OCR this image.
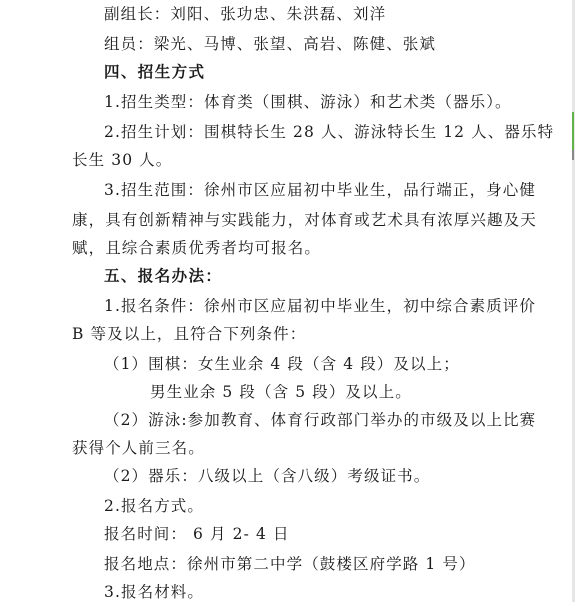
副组长：刘阳、张功忠、朱洪磊、刘洋
组员：梁光、马博、张望、高岩、陈健、张斌
四、招生方式
1.招生类型：体育类（围棋、游泳）和艺术类（器乐）。
2.招生计划：围棋特长生 28 人、游泳特长生 12 人、器乐特
长生 30 人。
3.招生范围：徐州市区应届初中毕业生，品行端正，身心健
康，具有创新精神与实践能力，对体育或艺术具有浓厚兴趣及天
赋，且综合素质优秀者均可报名。
五、报名办法：
1.报名条件：徐州市区应届初中毕业生，初中综合素质评价
B 等及以上，且符合下列条件：
（1）围棋：女生业余 4 段（含 4 段）及以上；
男生业余 5 段（含 5 段）及以上。
（2）游泳:参加教育、体育行政部门举办的市级及以上比赛
获得个人前三名。
（2）器乐：八级以上（含八级）考级证书。
2.报名方式。
报名时间： 6 月 2- 4 日
报名地点：徐州市第二中学（鼓楼区府学路 1 号）
3.报名材料。
